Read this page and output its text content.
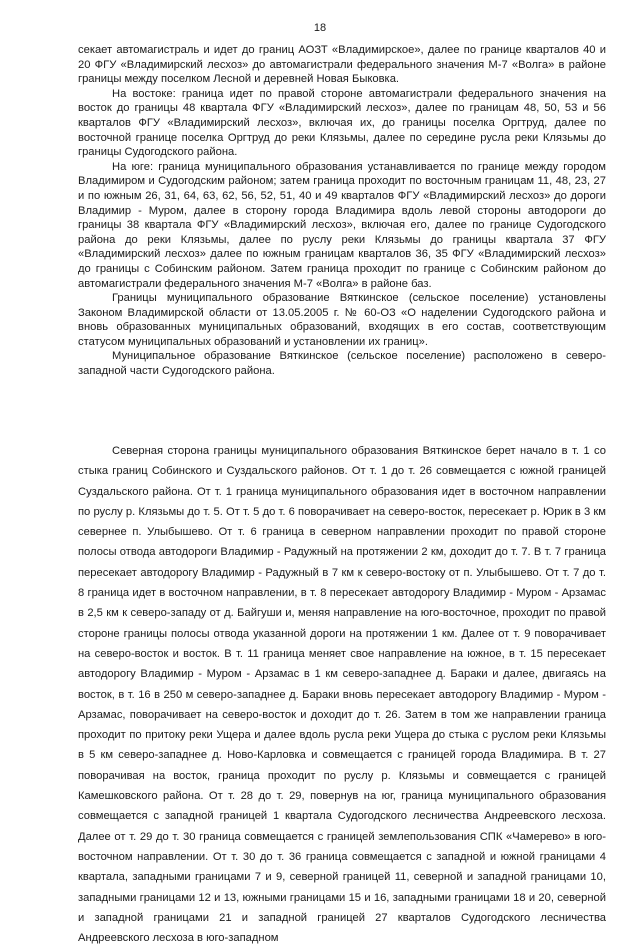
18

секает автомагистраль и идет до границ АОЗТ «Владимирское», далее по границе кварталов 40 и 20 ФГУ «Владимирский лесхоз» до автомагистрали федерального значения М-7 «Волга» в районе границы между поселком Лесной и деревней Новая Быковка.

На востоке: граница идет по правой стороне автомагистрали федерального значения на восток до границы 48 квартала ФГУ «Владимирский лесхоз», далее по границам 48, 50, 53 и 56 кварталов ФГУ «Владимирский лесхоз», включая их, до границы поселка Оргтруд, далее по восточной границе поселка Оргтруд до реки Клязьмы, далее по середине русла реки Клязьмы до границы Судогодского района.

На юге: граница муниципального образования устанавливается по границе между городом Владимиром и Судогодским районом; затем граница проходит по восточным границам 11, 48, 23, 27 и по южным 26, 31, 64, 63, 62, 56, 52, 51, 40 и 49 кварталов ФГУ «Владимирский лесхоз» до дороги Владимир - Муром, далее в сторону города Владимира вдоль левой стороны автодороги до границы 38 квартала ФГУ «Владимирский лесхоз», включая его, далее по границе Судогодского района до реки Клязьмы, далее по руслу реки Клязьмы до границы квартала 37 ФГУ «Владимирский лесхоз» далее по южным границам кварталов 36, 35 ФГУ «Владимирский лесхоз» до границы с Собинским районом. Затем граница проходит по границе с Собинским районом до автомагистрали федерального значения М-7 «Волга» в районе баз.

Границы муниципального образование Вяткинское (сельское поселение) установлены Законом Владимирской области от 13.05.2005 г. № 60-ОЗ «О наделении Судогодского района и вновь образованных муниципальных образований, входящих в его состав, соответствующим статусом муниципальных образований и установлении их границ».

Муниципальное образование Вяткинское (сельское поселение) расположено в северо-западной части Судогодского района.

Северная сторона границы муниципального образования Вяткинское берет начало в т. 1 со стыка границ Собинского и Суздальского районов. От т. 1 до т. 26 совмещается с южной границей Суздальского района. От т. 1 граница муниципального образования идет в восточном направлении по руслу р. Клязьмы до т. 5. От т. 5 до т. 6 поворачивает на северо-восток, пересекает р. Юрик в 3 км севернее п. Улыбышево. От т. 6 граница в северном направлении проходит по правой стороне полосы отвода автодороги Владимир - Радужный на протяжении 2 км, доходит до т. 7. В т. 7 граница пересекает автодорогу Владимир - Радужный в 7 км к северо-востоку от п. Улыбышево. От т. 7 до т. 8 граница идет в восточном направлении, в т. 8 пересекает автодорогу Владимир - Муром - Арзамас в 2,5 км к северо-западу от д. Байгуши и, меняя направление на юго-восточное, проходит по правой стороне границы полосы отвода указанной дороги на протяжении 1 км. Далее от т. 9 поворачивает на северо-восток и восток. В т. 11 граница меняет свое направление на южное, в т. 15 пересекает автодорогу Владимир - Муром - Арзамас в 1 км северо-западнее д. Бараки и далее, двигаясь на восток, в т. 16 в 250 м северо-западнее д. Бараки вновь пересекает автодорогу Владимир - Муром - Арзамас, поворачивает на северо-восток и доходит до т. 26. Затем в том же направлении граница проходит по притоку реки Ущера и далее вдоль русла реки Ущера до стыка с руслом реки Клязьмы в 5 км северо-западнее д. Ново-Карловка и совмещается с границей города Владимира. В т. 27 поворачивая на восток, граница проходит по руслу р. Клязьмы и совмещается с границей Камешковского района. От т. 28 до т. 29, повернув на юг, граница муниципального образования совмещается с западной границей 1 квартала Судогодского лесничества Андреевского лесхоза. Далее от т. 29 до т. 30 граница совмещается с границей землепользования СПК «Чамерево» в юго-восточном направлении. От т. 30 до т. 36 граница совмещается с западной и южной границами 4 квартала, западными границами 7 и 9, северной границей 11, северной и западной границами 10, западными границами 12 и 13, южными границами 15 и 16, западными границами 18 и 20, северной и западной границами 21 и западной границей 27 кварталов Судогодского лесничества Андреевского лесхоза в юго-западном
